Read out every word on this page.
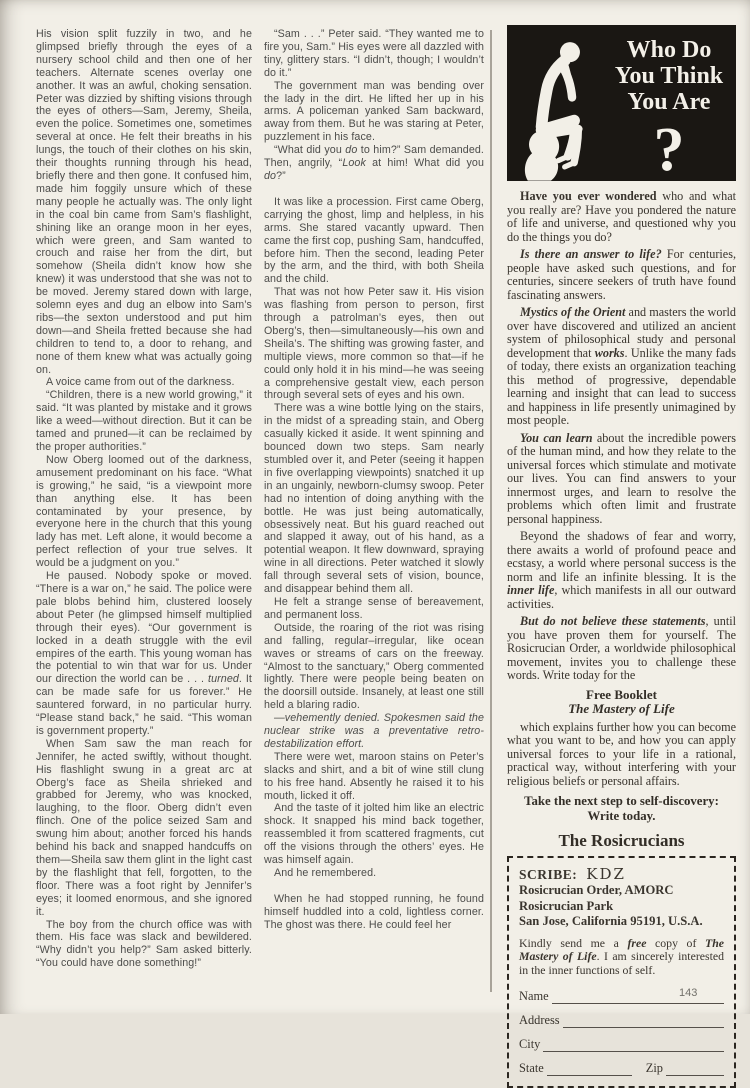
His vision split fuzzily in two, and he glimpsed briefly through the eyes of a nursery school child and then one of her teachers. Alternate scenes overlay one another. It was an awful, choking sensation. Peter was dizzied by shifting visions through the eyes of others—Sam, Jeremy, Sheila, even the police. Sometimes one, sometimes several at once. He felt their breaths in his lungs, the touch of their clothes on his skin, their thoughts running through his head, briefly there and then gone. It confused him, made him foggily unsure which of these many people he actually was. The only light in the coal bin came from Sam’s flashlight, shining like an orange moon in her eyes, which were green, and Sam wanted to crouch and raise her from the dirt, but somehow (Sheila didn’t know how she knew) it was understood that she was not to be moved. Jeremy stared down with large, solemn eyes and dug an elbow into Sam’s ribs—the sexton understood and put him down—and Sheila fretted because she had children to tend to, a door to rehang, and none of them knew what was actually going on.

A voice came from out of the darkness.

“Children, there is a new world growing,” it said. “It was planted by mistake and it grows like a weed—without direction. But it can be tamed and pruned—it can be reclaimed by the proper authorities.”

Now Oberg loomed out of the darkness, amusement predominant on his face. “What is growing,” he said, “is a viewpoint more than anything else. It has been contaminated by your presence, by everyone here in the church that this young lady has met. Left alone, it would become a perfect reflection of your true selves. It would be a judgment on you.”

He paused. Nobody spoke or moved. “There is a war on,” he said. The police were pale blobs behind him, clustered loosely about Peter (he glimpsed himself multiplied through their eyes). “Our government is locked in a death struggle with the evil empires of the earth. This young woman has the potential to win that war for us. Under our direction the world can be . . . turned. It can be made safe for us forever.” He sauntered forward, in no particular hurry. “Please stand back,” he said. “This woman is government property.”

When Sam saw the man reach for Jennifer, he acted swiftly, without thought. His flashlight swung in a great arc at Oberg’s face as Sheila shrieked and grabbed for Jeremy, who was knocked, laughing, to the floor. Oberg didn’t even flinch. One of the police seized Sam and swung him about; another forced his hands behind his back and snapped handcuffs on them—Sheila saw them glint in the light cast by the flashlight that fell, forgotten, to the floor. There was a foot right by Jennifer’s eyes; it loomed enormous, and she ignored it.

The boy from the church office was with them. His face was slack and bewildered. “Why didn’t you help?” Sam asked bitterly. “You could have done something!”

“Sam . . .” Peter said. “They wanted me to fire you, Sam.” His eyes were all dazzled with tiny, glittery stars. “I didn’t, though; I wouldn’t do it.”

The government man was bending over the lady in the dirt. He lifted her up in his arms. A policeman yanked Sam backward, away from them. But he was staring at Peter, puzzlement in his face.

“What did you do to him?” Sam demanded. Then, angrily, “Look at him! What did you do?”

It was like a procession. First came Oberg, carrying the ghost, limp and helpless, in his arms. She stared vacantly upward. Then came the first cop, pushing Sam, handcuffed, before him. Then the second, leading Peter by the arm, and the third, with both Sheila and the child.

That was not how Peter saw it. His vision was flashing from person to person, first through a patrolman’s eyes, then out Oberg’s, then—simultaneously—his own and Sheila’s. The shifting was growing faster, and multiple views, more common so that—if he could only hold it in his mind—he was seeing a comprehensive gestalt view, each person through several sets of eyes and his own.

There was a wine bottle lying on the stairs, in the midst of a spreading stain, and Oberg casually kicked it aside. It went spinning and bounced down two steps. Sam nearly stumbled over it, and Peter (seeing it happen in five overlapping viewpoints) snatched it up in an ungainly, newborn-clumsy swoop. Peter had no intention of doing anything with the bottle. He was just being automatically, obsessively neat. But his guard reached out and slapped it away, out of his hand, as a potential weapon. It flew downward, spraying wine in all directions. Peter watched it slowly fall through several sets of vision, bounce, and disappear behind them all.

He felt a strange sense of bereavement, and permanent loss.

Outside, the roaring of the riot was rising and falling, regular–irregular, like ocean waves or streams of cars on the freeway. “Almost to the sanctuary,” Oberg commented lightly. There were people being beaten on the doorsill outside. Insanely, at least one still held a blaring radio.

—vehemently denied. Spokesmen said the nuclear strike was a preventative retro-destabilization effort.

There were wet, maroon stains on Peter’s slacks and shirt, and a bit of wine still clung to his free hand. Absently he raised it to his mouth, licked it off.

And the taste of it jolted him like an electric shock. It snapped his mind back together, reassembled it from scattered fragments, cut off the visions through the others’ eyes. He was himself again.

And he remembered.

When he had stopped running, he found himself huddled into a cold, lightless corner. The ghost was there. He could feel her

Who Do
You Think
You Are
?

Have you ever wondered who and what you really are? Have you pondered the nature of life and universe, and questioned why you do the things you do?

Is there an answer to life? For centuries, people have asked such questions, and for centuries, sincere seekers of truth have found fascinating answers.

Mystics of the Orient and masters the world over have discovered and utilized an ancient system of philosophical study and personal development that works. Unlike the many fads of today, there exists an organization teaching this method of progressive, dependable learning and insight that can lead to success and happiness in life presently unimagined by most people.

You can learn about the incredible powers of the human mind, and how they relate to the universal forces which stimulate and motivate our lives. You can find answers to your innermost urges, and learn to resolve the problems which often limit and frustrate personal happiness.

Beyond the shadows of fear and worry, there awaits a world of profound peace and ecstasy, a world where personal success is the norm and life an infinite blessing. It is the inner life, which manifests in all our outward activities.

But do not believe these statements, until you have proven them for yourself. The Rosicrucian Order, a worldwide philosophical movement, invites you to challenge these words. Write today for the

Free Booklet
The Mastery of Life

which explains further how you can become what you want to be, and how you can apply universal forces to your life in a rational, practical way, without interfering with your religious beliefs or personal affairs.

Take the next step to self-discovery:
Write today.
The Rosicrucians
SCRIBE: KDZ

Rosicrucian Order, AMORC

Rosicrucian Park

San Jose, California 95191, U.S.A.

Kindly send me a free copy of The Mastery of Life. I am sincerely interested in the inner functions of self.

Name
Address
City
State	Zip
143
